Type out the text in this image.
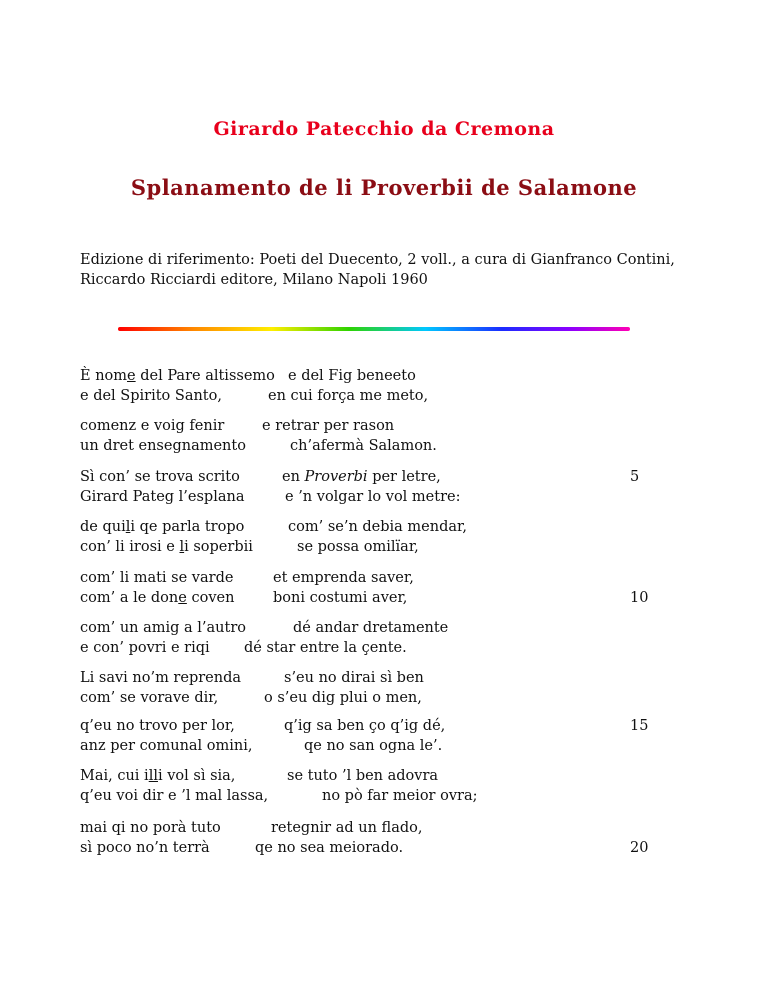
Girardo Patecchio da Cremona
Splanamento de li Proverbii de Salamone
Edizione di riferimento: Poeti del Duecento, 2 voll., a cura di Gianfranco Contini, Riccardo Ricciardi editore, Milano Napoli 1960
È nome del Pare altissemo e del Fig beneeto
e del Spirito Santo,	en cui força me meto,
comenz e voig fenir	e retrar per rason
un dret ensegnamento	ch’afermà Salamon.
Sì con’ se trova scrito	en Proverbi per letre,	5
Girard Pateg l’esplana	e ’n volgar lo vol metre:
de quili qe parla tropo	com’ se’n debia mendar,
con’ li irosi e li soperbii	se possa omilïar,
com’ li mati se varde	et emprenda saver,
com’ a le done coven	boni costumi aver,	10
com’ un amig a l’autro	dé andar dretamente
e con’ povri e riqi dé star entre la çente.
Li savi no’m reprenda	s’eu no dirai sì ben
com’ se vorave dir,	o s’eu dig plui o men,
q’eu no trovo per lor,	q’ig sa ben ço q’ig dé,	15
anz per comunal omini,	qe no san ogna le’.
Mai, cui illi vol sì sia,	se tuto ’l ben adovra
q’eu voi dir e ’l mal lassa,	no pò far meior ovra;
mai qi no porà tuto	retegnir ad un flado,
sì poco no’n terrà	qe no sea meiorado.	20
